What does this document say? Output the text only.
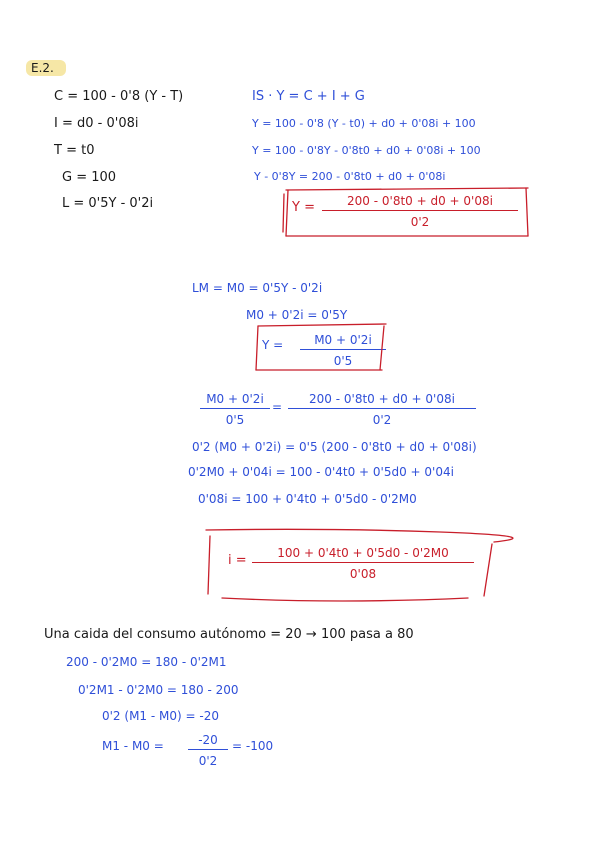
E.2.
C = 100 - 0'8 (Y - T)
I = d0 - 0'08i
T = t0
G = 100
L = 0'5Y - 0'2i
IS · Y = C + I + G
Y = 100 - 0'8 (Y - t0) + d0 + 0'08i + 100
Y = 100 - 0'8Y - 0'8t0 + d0 + 0'08i + 100
Y - 0'8Y = 200 - 0'8t0 + d0 + 0'08i
$Y = \frac{200 - 0'8t0 + d0 + 0'08i}{0'2}$
LM = M0 = 0'5Y - 0'2i
M0 + 0'2i = 0'5Y
$Y = \frac{M0 + 0'2i}{0'5}$
$\frac{M0 + 0'2i}{0'5} = \frac{200 - 0'8t0 + d0 + 0'08i}{0'2}$
0'2 (M0 + 0'2i) = 0'5 (200 - 0'8t0 + d0 + 0'08i)
0'2M0 + 0'04i = 100 - 0'4t0 + 0'5d0 + 0'04i
0'08i = 100 + 0'4t0 + 0'5d0 - 0'2M0
$i = \frac{100 + 0'4t0 + 0'5d0 - 0'2M0}{0'08}$
Una caida del consumo autónomo = 20 → 100 pasa a 80
200 - 0'2M0 = 180 - 0'2M1
0'2M1 - 0'2M0 = 180 - 200
0'2 (M1 - M0) = -20
$M1 - M0 = \frac{-20}{0'2} = -100$
